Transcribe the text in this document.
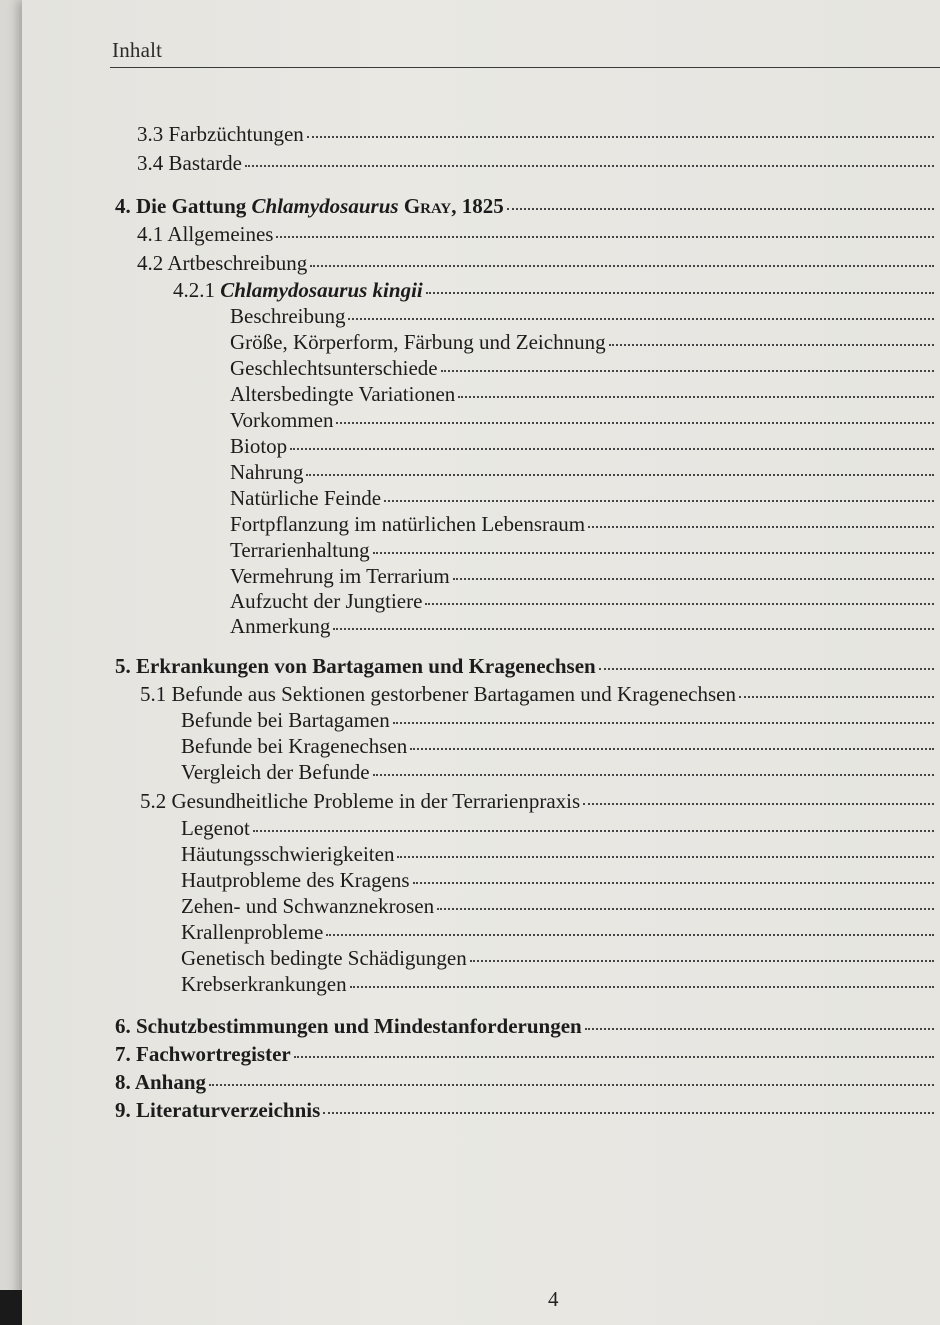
Inhalt
3.3 Farbzüchtungen
3.4 Bastarde
4. Die Gattung Chlamydosaurus Gray, 1825
4.1 Allgemeines
4.2 Artbeschreibung
4.2.1 Chlamydosaurus kingii
Beschreibung
Größe, Körperform, Färbung und Zeichnung
Geschlechtsunterschiede
Altersbedingte Variationen
Vorkommen
Biotop
Nahrung
Natürliche Feinde
Fortpflanzung im natürlichen Lebensraum
Terrarienhaltung
Vermehrung im Terrarium
Aufzucht der Jungtiere
Anmerkung
5. Erkrankungen von Bartagamen und Kragenechsen
5.1 Befunde aus Sektionen gestorbener Bartagamen und Kragenechsen
Befunde bei Bartagamen
Befunde bei Kragenechsen
Vergleich der Befunde
5.2 Gesundheitliche Probleme in der Terrarienpraxis
Legenot
Häutungsschwierigkeiten
Hautprobleme des Kragens
Zehen- und Schwanznekrosen
Krallenprobleme
Genetisch bedingte Schädigungen
Krebserkrankungen
6. Schutzbestimmungen und Mindestanforderungen
7. Fachwortregister
8. Anhang
9. Literaturverzeichnis
4
